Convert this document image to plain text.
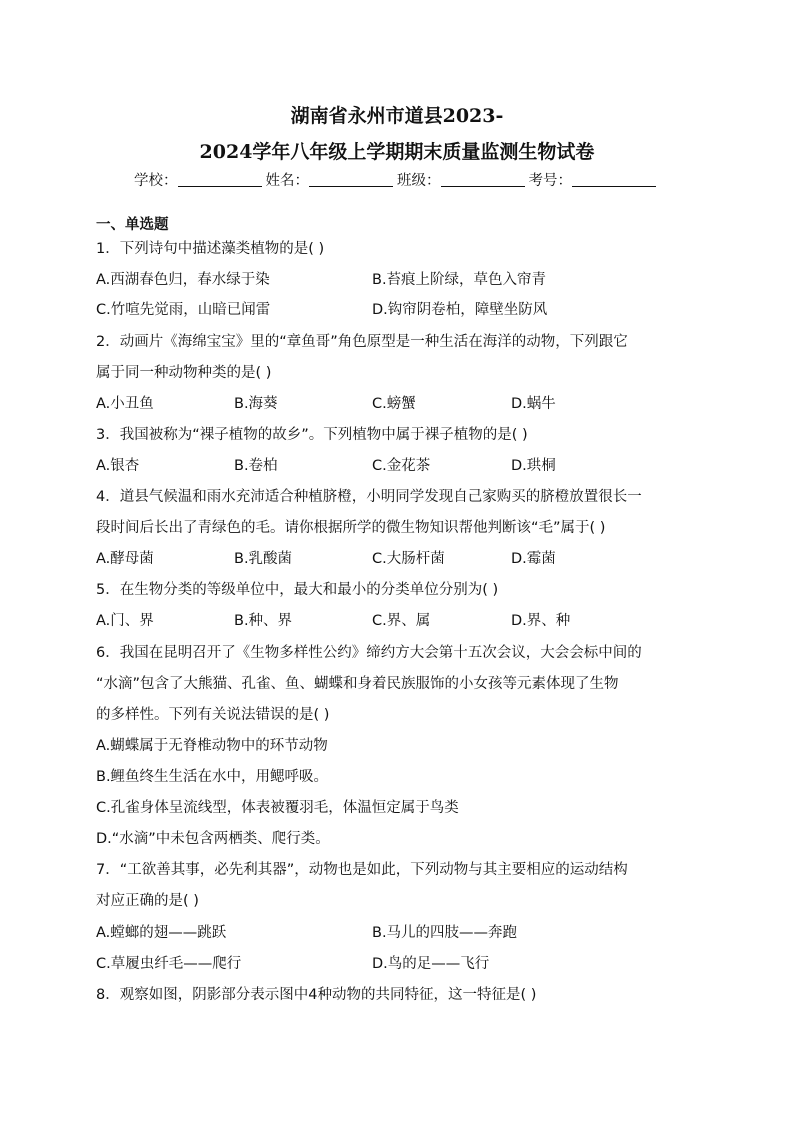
湖南省永州市道县2023-
2024学年八年级上学期期末质量监测生物试卷
学校：	姓名：	班级：	考号：
一、单选题
1．下列诗句中描述藻类植物的是( )
A.西湖春色归，春水绿于染	B.苔痕上阶绿，草色入帘青
C.竹喧先觉雨，山暗已闻雷	D.钩帘阴卷柏，障壁坐防风
2．动画片《海绵宝宝》里的“章鱼哥”角色原型是一种生活在海洋的动物，下列跟它
属于同一种动物种类的是( )
A.小丑鱼	B.海葵	C.螃蟹	D.蜗牛
3．我国被称为“裸子植物的故乡”。下列植物中属于裸子植物的是( )
A.银杏	B.卷柏	C.金花茶	D.珙桐
4．道县气候温和雨水充沛适合种植脐橙，小明同学发现自己家购买的脐橙放置很长一
段时间后长出了青绿色的毛。请你根据所学的微生物知识帮他判断该“毛”属于( )
A.酵母菌	B.乳酸菌	C.大肠杆菌	D.霉菌
5．在生物分类的等级单位中，最大和最小的分类单位分别为( )
A.门、界	B.种、界	C.界、属	D.界、种
6．我国在昆明召开了《生物多样性公约》缔约方大会第十五次会议，大会会标中间的
“水滴”包含了大熊猫、孔雀、鱼、蝴蝶和身着民族服饰的小女孩等元素体现了生物
的多样性。下列有关说法错误的是( )
A.蝴蝶属于无脊椎动物中的环节动物
B.鲤鱼终生生活在水中，用鳃呼吸。
C.孔雀身体呈流线型，体表被覆羽毛，体温恒定属于鸟类
D.“水滴”中未包含两栖类、爬行类。
7．“工欲善其事，必先利其器”，动物也是如此，下列动物与其主要相应的运动结构
对应正确的是( )
A.螳螂的翅——跳跃	B.马儿的四肢——奔跑
C.草履虫纤毛——爬行	D.鸟的足——飞行
8．观察如图，阴影部分表示图中4种动物的共同特征，这一特征是( )
